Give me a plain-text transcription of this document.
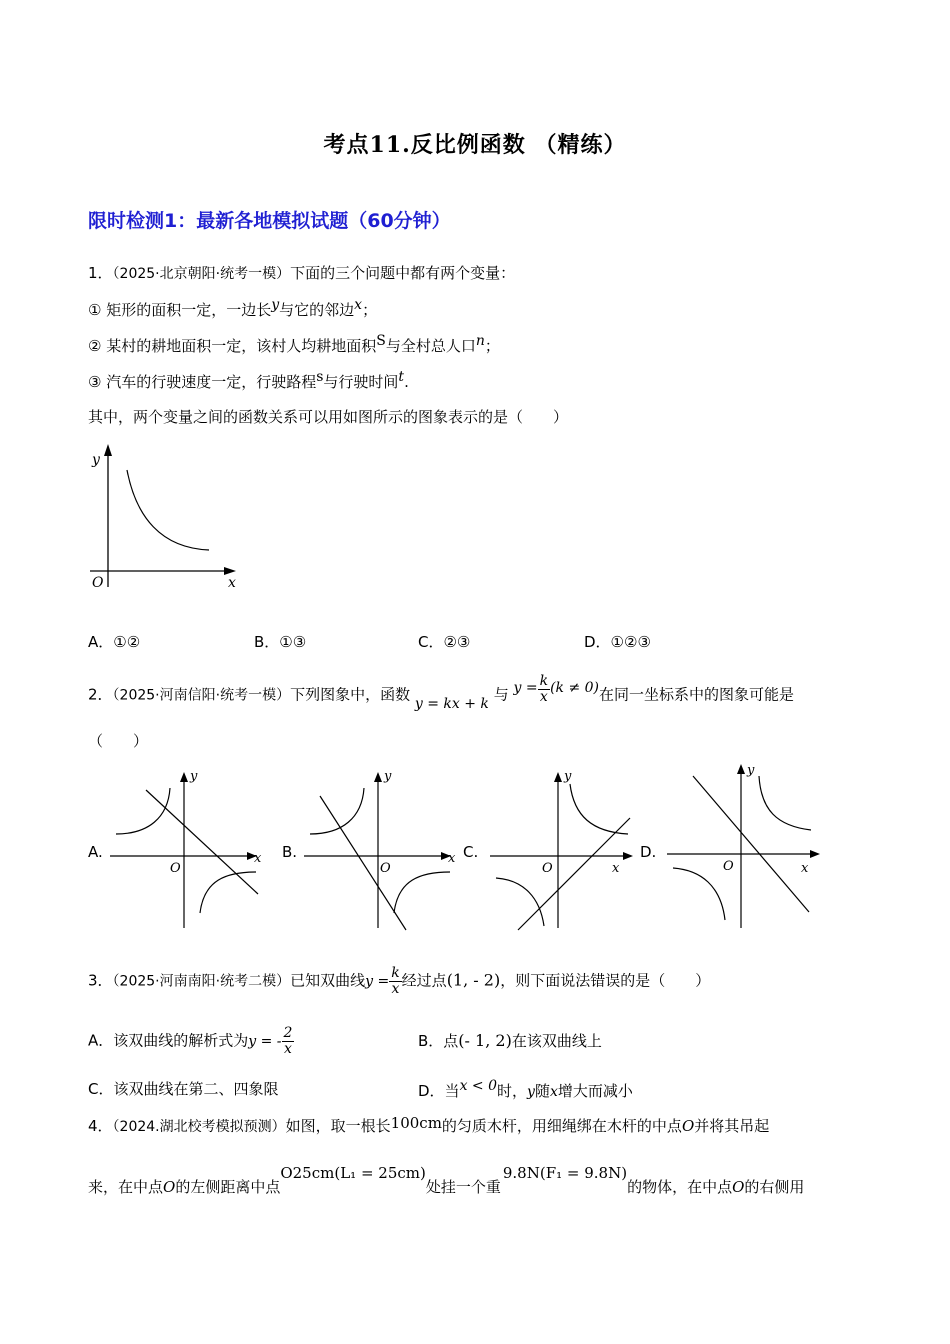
考点11.反比例函数 （精练）
限时检测1：最新各地模拟试题（60分钟）
1．（2025·北京朝阳·统考一模）下面的三个问题中都有两个变量：
① 矩形的面积一定，一边长$^y$与它的邻边$^x$；
② 某村的耕地面积一定，该村人均耕地面积$^S$与全村总人口$^n$；
③ 汽车的行驶速度一定，行驶路程$^s$与行驶时间$^t$.
其中，两个变量之间的函数关系可以用如图所示的图象表示的是（　　）
y
x
O
A．①②	B．①③	C．②③	D．①②③
2．（2025·河南信阳·统考一模）下列图象中，函数 y = kx + k 与 $y = \frac{k}{x} (k \ne 0)$在同一坐标系中的图象可能是
（　　）
A.	B.	C.	D.
y
x
O
y
x
O
y
x
O
y
x
O
3．（2025·河南南阳·统考二模）已知双曲线$y = \frac{k}{x}$ 经过点(1, - 2)，则下面说法错误的是（　　）
A．该双曲线的解析式为y = - $\frac{2}{x}$	B．点(- 1, 2)在该双曲线上
C．该双曲线在第二、四象限	D．当$^{x < 0}$时，y随x增大而减小
4．（2024.湖北校考模拟预测）如图，取一根长100cm的匀质木杆，用细绳绑在木杆的中点O并将其吊起
来，在中点O的左侧距离中点O25cm(L₁ = 25cm)处挂一个重9.8N(F₁ = 9.8N)的物体，在中点O的右侧用
